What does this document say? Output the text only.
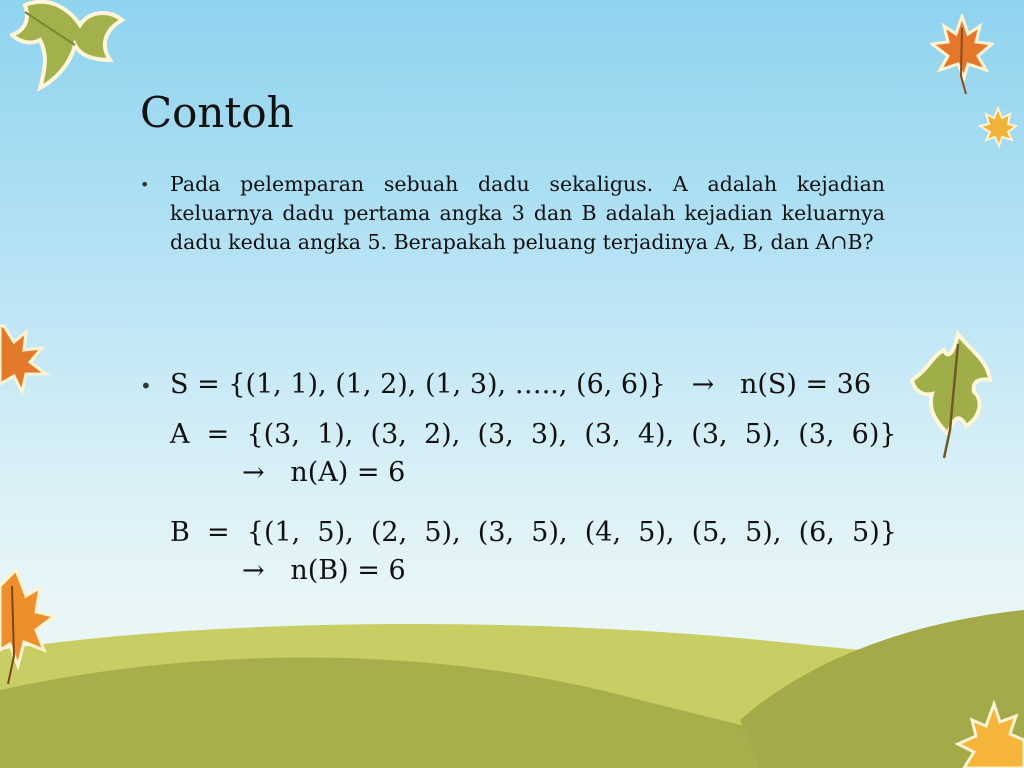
Contoh
•	Pada pelemparan sebuah dadu sekaligus. A adalah kejadian keluarnya dadu pertama angka 3 dan B adalah kejadian keluarnya dadu kedua angka 5. Berapakah peluang terjadinya A, B, dan A∩B?

• S = {(1, 1), (1, 2), (1, 3), ….., (6, 6)}   →   n(S) = 36

A  =  {(3,  1),  (3,  2),  (3,  3),  (3,  4),  (3,  5),  (3,  6)}
→   n(A) = 6
B  =  {(1,  5),  (2,  5),  (3,  5),  (4,  5),  (5,  5),  (6,  5)}
→   n(B) = 6
